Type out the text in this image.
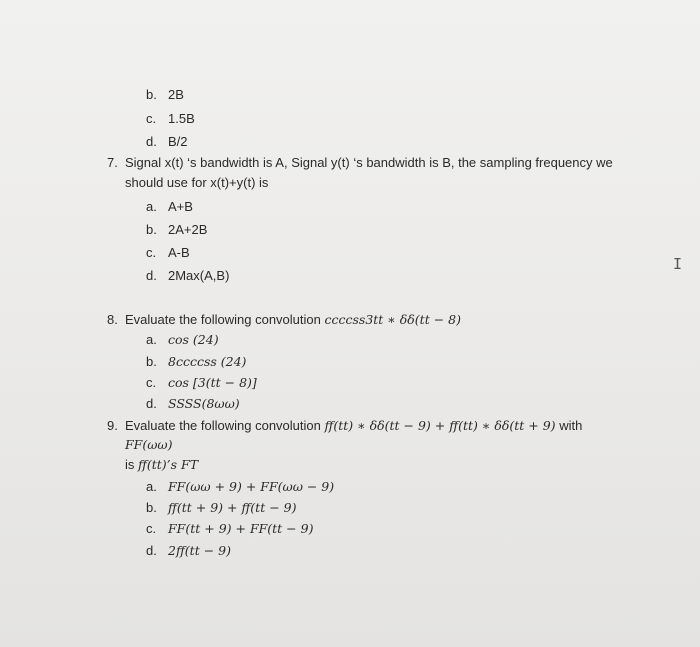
b. 2B
c. 1.5B
d. B/2
7. Signal x(t) ‘s bandwidth is A, Signal y(t) ‘s bandwidth is B, the sampling frequency we
should use for x(t)+y(t) is
a. A+B
b. 2A+2B
c. A-B
d. 2Max(A,B)
8. Evaluate the following convolution ccccss3tt ∗ δδ(tt − 8)
a. cos (24)
b. 8ccccss (24)
c. cos [3(tt − 8)]
d. SSSS(8ωω)
9. Evaluate the following convolution ff(tt) ∗ δδ(tt − 9) + ff(tt) ∗ δδ(tt + 9) with
FF(ωω)
is ff(tt)’s FT
a. FF(ωω + 9) + FF(ωω − 9)
b. ff(tt + 9) + ff(tt − 9)
c. FF(tt + 9) + FF(tt − 9)
d. 2ff(tt − 9)
I
